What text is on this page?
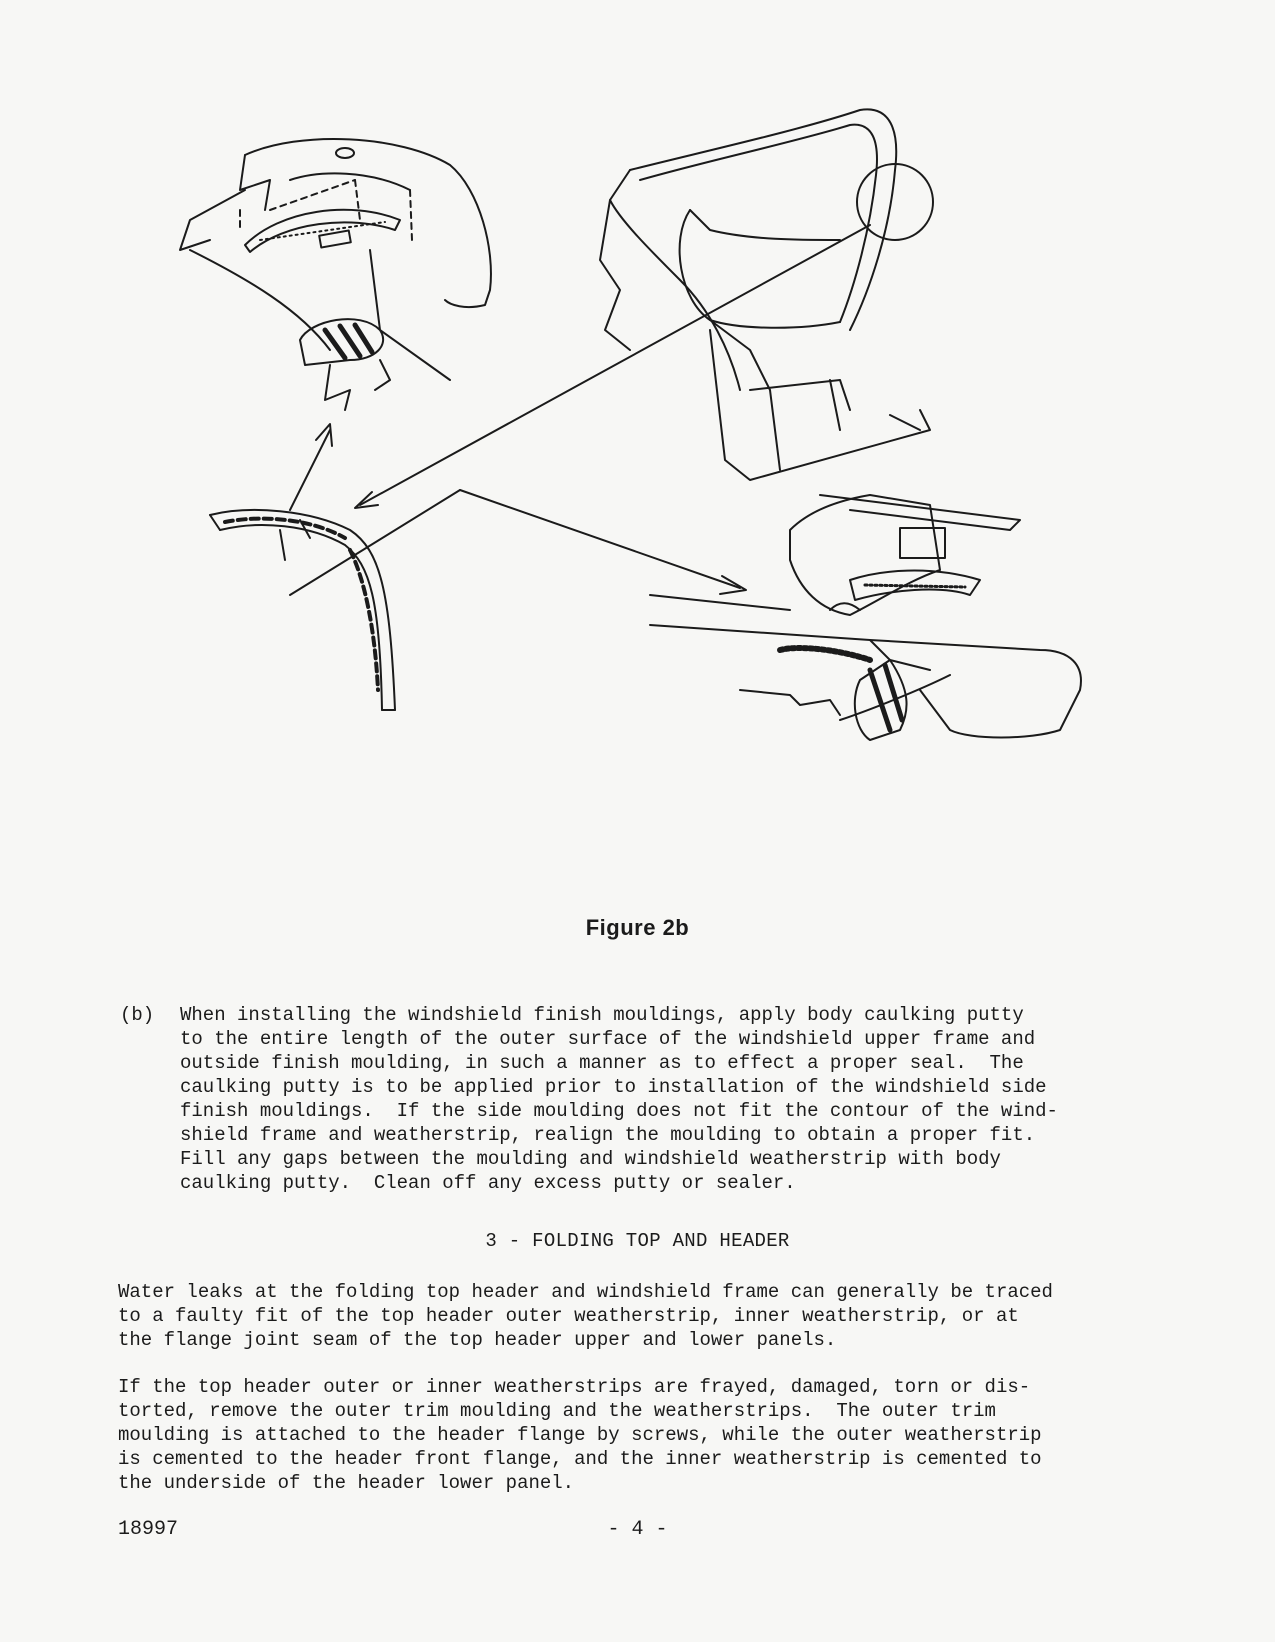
Figure 2b
(b) When installing the windshield finish mouldings, apply body caulking putty
to the entire length of the outer surface of the windshield upper frame and
outside finish moulding, in such a manner as to effect a proper seal.  The
caulking putty is to be applied prior to installation of the windshield side
finish mouldings.  If the side moulding does not fit the contour of the wind-
shield frame and weatherstrip, realign the moulding to obtain a proper fit.
Fill any gaps between the moulding and windshield weatherstrip with body
caulking putty.  Clean off any excess putty or sealer.

3 - FOLDING TOP AND HEADER

Water leaks at the folding top header and windshield frame can generally be traced
to a faulty fit of the top header outer weatherstrip, inner weatherstrip, or at
the flange joint seam of the top header upper and lower panels.

If the top header outer or inner weatherstrips are frayed, damaged, torn or dis-
torted, remove the outer trim moulding and the weatherstrips.  The outer trim
moulding is attached to the header flange by screws, while the outer weatherstrip
is cemented to the header front flange, and the inner weatherstrip is cemented to
the underside of the header lower panel.

18997	- 4 -
